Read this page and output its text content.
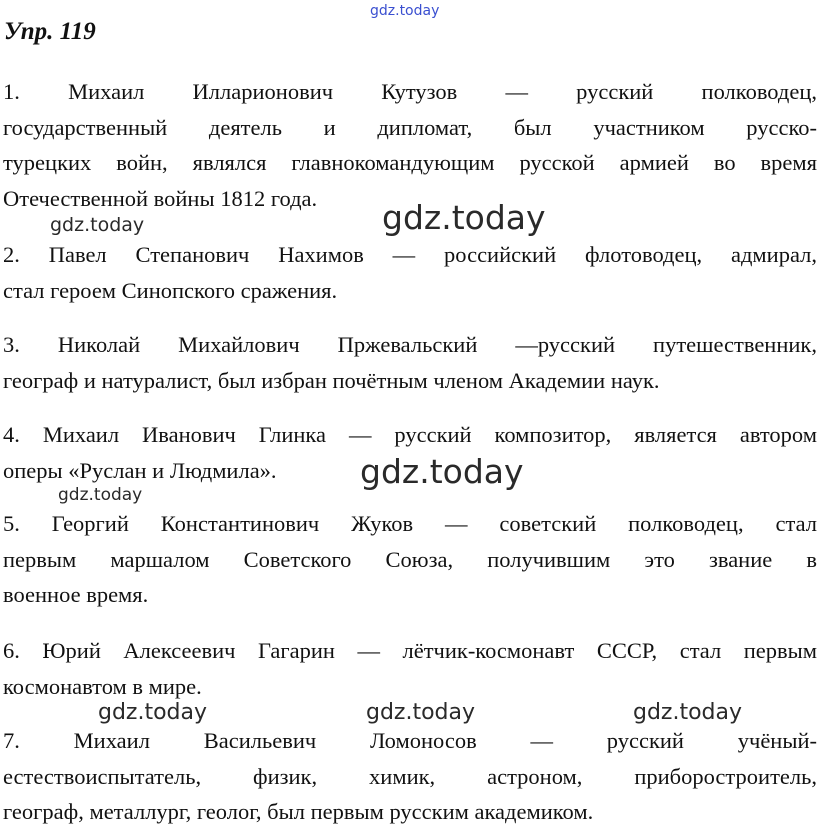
gdz.today
Упр. 119
1. Михаил Илларионович Кутузов — русский полководец,
государственный деятель и дипломат, был участником русско-
турецких войн, являлся главнокомандующим русской армией во время
Отечественной войны 1812 года.
2. Павел Степанович Нахимов — российский флотоводец, адмирал,
стал героем Синопского сражения.
3. Николай Михайлович Пржевальский —русский путешественник,
географ и натуралист, был избран почётным членом Академии наук.
4. Михаил Иванович Глинка — русский композитор, является автором
оперы «Руслан и Людмила».
5. Георгий Константинович Жуков — советский полководец, стал
первым маршалом Советского Союза, получившим это звание в
военное время.
6. Юрий Алексеевич Гагарин — лётчик-космонавт СССР, стал первым
космонавтом в мире.
7. Михаил Васильевич Ломоносов — русский учёный-
естествоиспытатель, физик, химик, астроном, приборостроитель,
географ, металлург, геолог, был первым русским академиком.
gdz.today	gdz.today
gdz.today
gdz.today
gdz.today	gdz.today	gdz.today
